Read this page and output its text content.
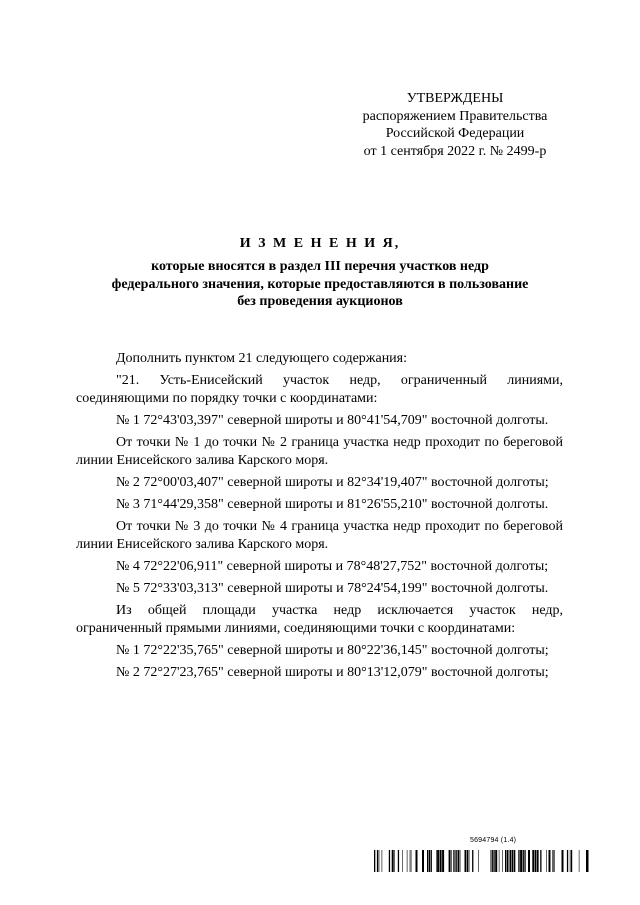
УТВЕРЖДЕНЫ
распоряжением Правительства
Российской Федерации
от 1 сентября 2022 г. № 2499-р
И З М Е Н Е Н И Я,
которые вносятся в раздел III перечня участков недр
федерального значения, которые предоставляются в пользование
без проведения аукционов

Дополнить пунктом 21 следующего содержания:

"21. Усть-Енисейский участок недр, ограниченный линиями, соединяющими по порядку точки с координатами:

№ 1 72°43'03,397" северной широты и 80°41'54,709" восточной долготы.

От точки № 1 до точки № 2 граница участка недр проходит по береговой линии Енисейского залива Карского моря.

№ 2 72°00'03,407" северной широты и 82°34'19,407" восточной долготы;

№ 3 71°44'29,358" северной широты и 81°26'55,210" восточной долготы.

От точки № 3 до точки № 4 граница участка недр проходит по береговой линии Енисейского залива Карского моря.

№ 4 72°22'06,911" северной широты и 78°48'27,752" восточной долготы;

№ 5 72°33'03,313" северной широты и 78°24'54,199" восточной долготы.

Из общей площади участка недр исключается участок недр, ограниченный прямыми линиями, соединяющими точки с координатами:

№ 1 72°22'35,765" северной широты и 80°22'36,145" восточной долготы;

№ 2 72°27'23,765" северной широты и 80°13'12,079" восточной долготы;

5694794 (1.4)
